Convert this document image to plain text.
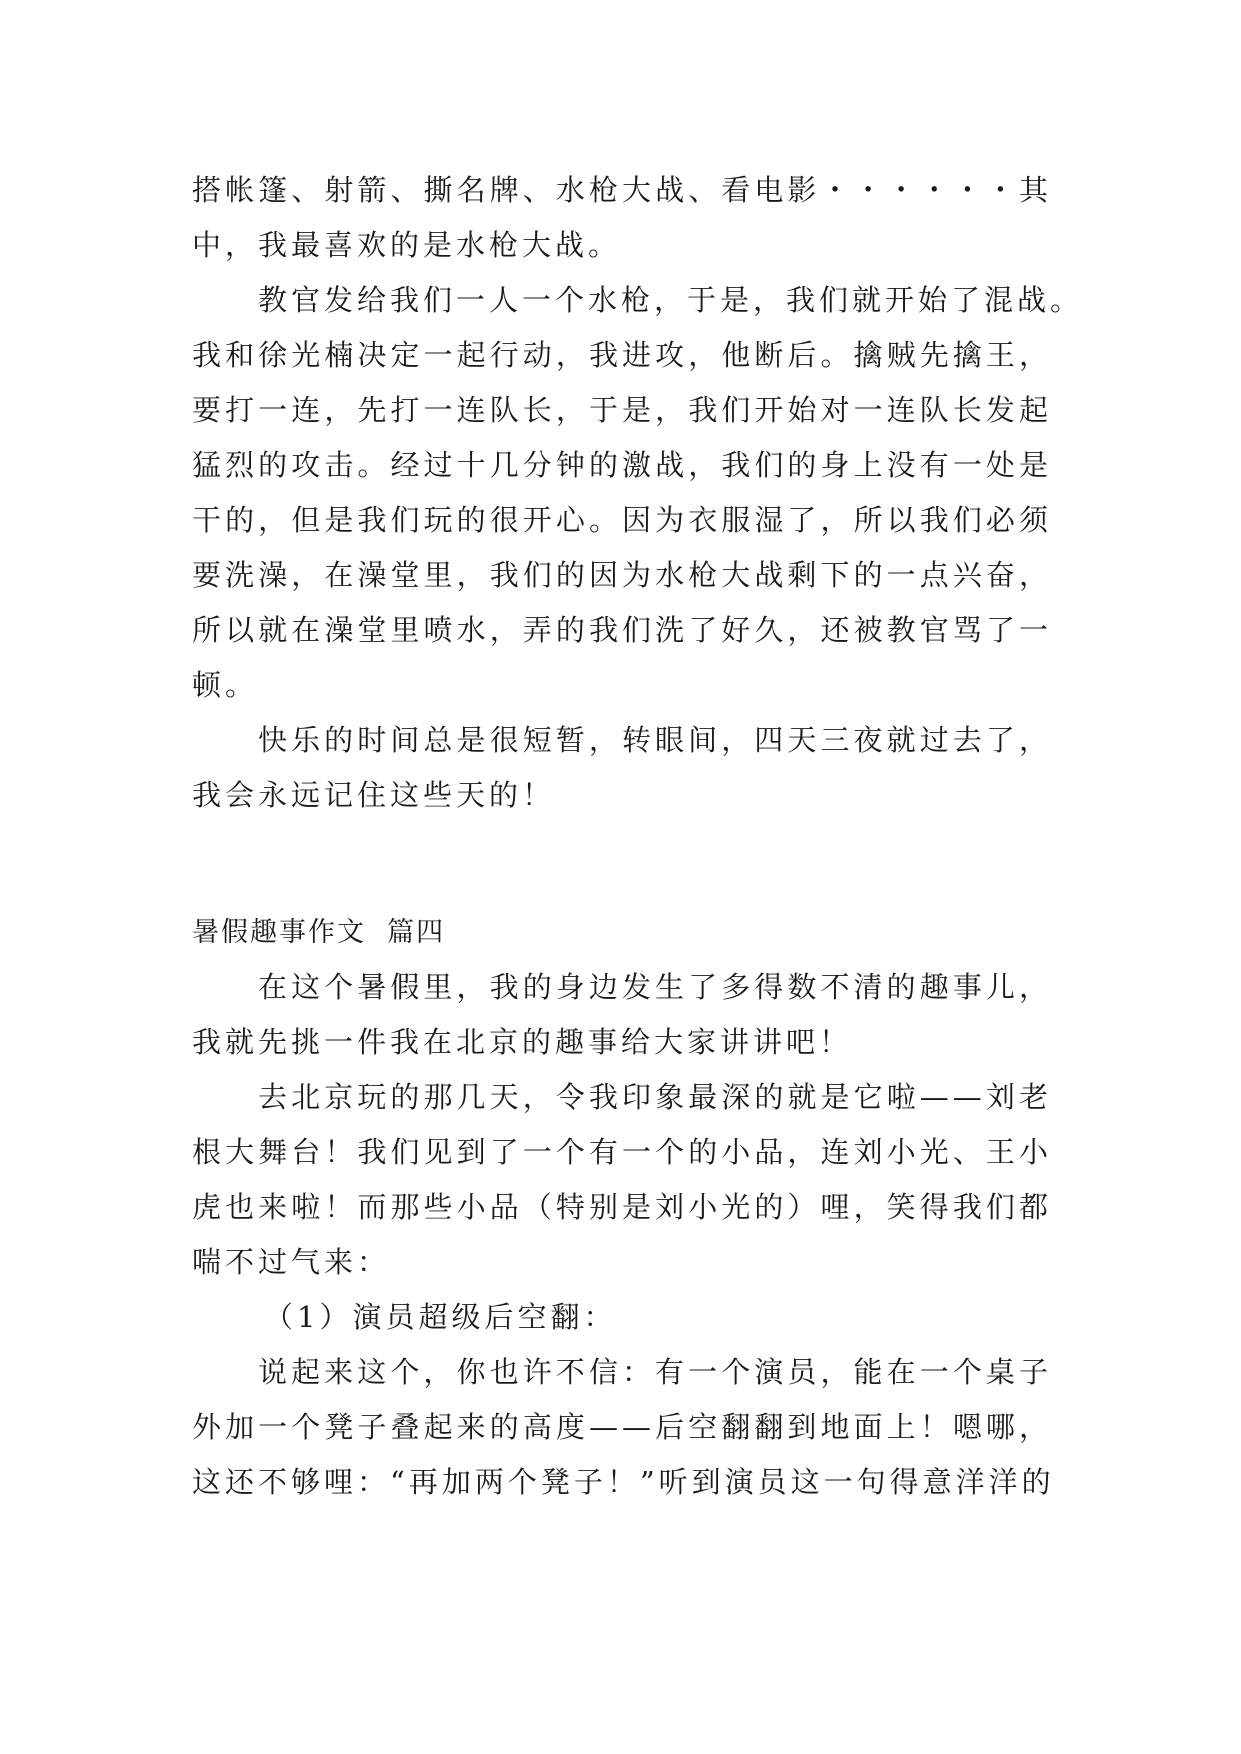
搭帐篷、射箭、撕名牌、水枪大战、看电影・・・・・・其
中，我最喜欢的是水枪大战。
教官发给我们一人一个水枪，于是，我们就开始了混战。
我和徐光楠决定一起行动，我进攻，他断后。擒贼先擒王，
要打一连，先打一连队长，于是，我们开始对一连队长发起
猛烈的攻击。经过十几分钟的激战，我们的身上没有一处是
干的，但是我们玩的很开心。因为衣服湿了，所以我们必须
要洗澡，在澡堂里，我们的因为水枪大战剩下的一点兴奋，
所以就在澡堂里喷水，弄的我们洗了好久，还被教官骂了一
顿。
快乐的时间总是很短暂，转眼间，四天三夜就过去了，
我会永远记住这些天的！
暑假趣事作文  篇四
在这个暑假里，我的身边发生了多得数不清的趣事儿，
我就先挑一件我在北京的趣事给大家讲讲吧！
去北京玩的那几天，令我印象最深的就是它啦——刘老
根大舞台！我们见到了一个有一个的小品，连刘小光、王小
虎也来啦！而那些小品（特别是刘小光的）哩，笑得我们都
喘不过气来：
（1）演员超级后空翻：
说起来这个，你也许不信：有一个演员，能在一个桌子
外加一个凳子叠起来的高度——后空翻翻到地面上！嗯哪，
这还不够哩：“再加两个凳子！”听到演员这一句得意洋洋的
